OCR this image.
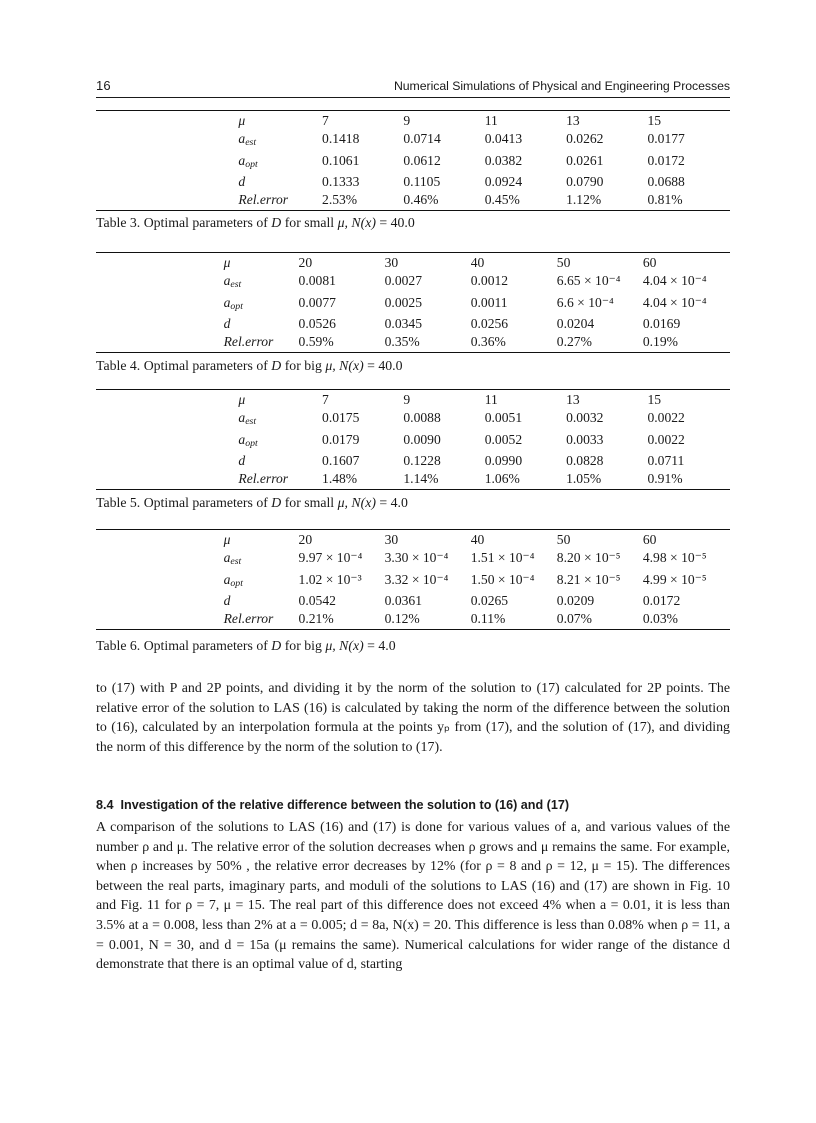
16	Numerical Simulations of Physical and Engineering Processes
	μ	7	9	11	13	15	
	$a_{est}$	0.1418	0.0714	0.0413	0.0262	0.0177	
	$a_{opt}$	0.1061	0.0612	0.0382	0.0261	0.0172	
	d	0.1333	0.1105	0.0924	0.0790	0.0688	
	Rel.error	2.53%	0.46%	0.45%	1.12%	0.81%	
Table 3. Optimal parameters of D for small μ, N(x) = 40.0
	μ	20	30	40	50	60	
	$a_{est}$	0.0081	0.0027	0.0012	6.65 × 10⁻⁴	4.04 × 10⁻⁴	
	$a_{opt}$	0.0077	0.0025	0.0011	6.6 × 10⁻⁴	4.04 × 10⁻⁴	
	d	0.0526	0.0345	0.0256	0.0204	0.0169	
	Rel.error	0.59%	0.35%	0.36%	0.27%	0.19%	
Table 4. Optimal parameters of D for big μ, N(x) = 40.0
	μ	7	9	11	13	15	
	$a_{est}$	0.0175	0.0088	0.0051	0.0032	0.0022	
	$a_{opt}$	0.0179	0.0090	0.0052	0.0033	0.0022	
	d	0.1607	0.1228	0.0990	0.0828	0.0711	
	Rel.error	1.48%	1.14%	1.06%	1.05%	0.91%	
Table 5. Optimal parameters of D for small μ, N(x) = 4.0
	μ	20	30	40	50	60	
	$a_{est}$	9.97 × 10⁻⁴	3.30 × 10⁻⁴	1.51 × 10⁻⁴	8.20 × 10⁻⁵	4.98 × 10⁻⁵	
	$a_{opt}$	1.02 × 10⁻³	3.32 × 10⁻⁴	1.50 × 10⁻⁴	8.21 × 10⁻⁵	4.99 × 10⁻⁵	
	d	0.0542	0.0361	0.0265	0.0209	0.0172	
	Rel.error	0.21%	0.12%	0.11%	0.07%	0.03%	
Table 6. Optimal parameters of D for big μ, N(x) = 4.0
to (17) with P and 2P points, and dividing it by the norm of the solution to (17) calculated for 2P points. The relative error of the solution to LAS (16) is calculated by taking the norm of the difference between the solution to (16), calculated by an interpolation formula at the points yₚ from (17), and the solution of (17), and dividing the norm of this difference by the norm of the solution to (17).
8.4 Investigation of the relative difference between the solution to (16) and (17)
A comparison of the solutions to LAS (16) and (17) is done for various values of a, and various values of the number ρ and μ. The relative error of the solution decreases when ρ grows and μ remains the same. For example, when ρ increases by 50% , the relative error decreases by 12% (for ρ = 8 and ρ = 12, μ = 15). The differences between the real parts, imaginary parts, and moduli of the solutions to LAS (16) and (17) are shown in Fig. 10 and Fig. 11 for ρ = 7, μ = 15. The real part of this difference does not exceed 4% when a = 0.01, it is less than 3.5% at a = 0.008, less than 2% at a = 0.005; d = 8a, N(x) = 20. This difference is less than 0.08% when ρ = 11, a = 0.001, N = 30, and d = 15a (μ remains the same). Numerical calculations for wider range of the distance d demonstrate that there is an optimal value of d, starting
